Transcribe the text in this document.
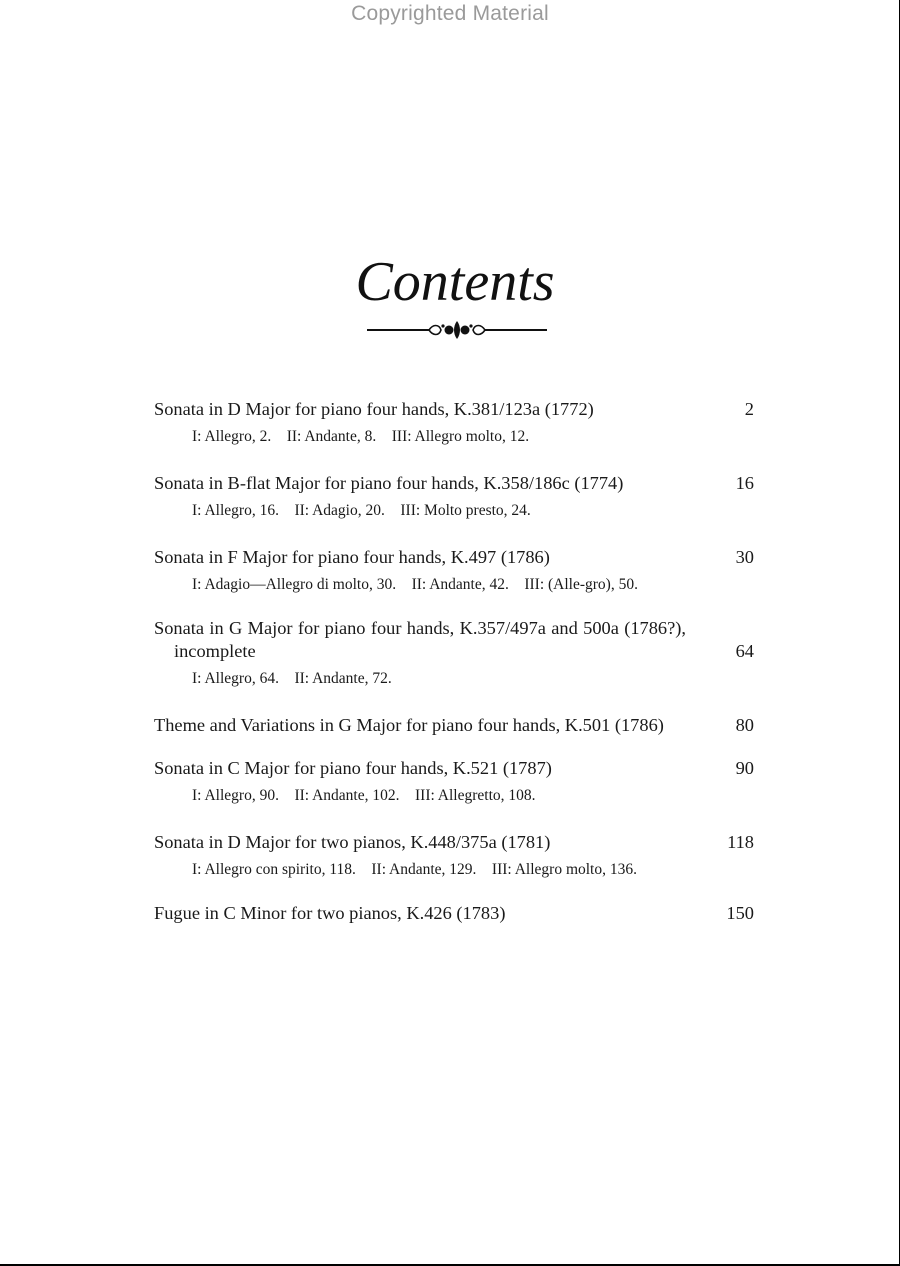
Copyrighted Material
Contents
Sonata in D Major for piano four hands, K.381/123a (1772)	2
I: Allegro, 2. II: Andante, 8. III: Allegro molto, 12.
Sonata in B-flat Major for piano four hands, K.358/186c (1774)	16
I: Allegro, 16. II: Adagio, 20. III: Molto presto, 24.
Sonata in F Major for piano four hands, K.497 (1786)	30
I: Adagio—Allegro di molto, 30. II: Andante, 42. III: (Alle-gro), 50.
Sonata in G Major for piano four hands, K.357/497a and 500a (1786?), incomplete	64
I: Allegro, 64. II: Andante, 72.
Theme and Variations in G Major for piano four hands, K.501 (1786)	80
Sonata in C Major for piano four hands, K.521 (1787)	90
I: Allegro, 90. II: Andante, 102. III: Allegretto, 108.
Sonata in D Major for two pianos, K.448/375a (1781)	118
I: Allegro con spirito, 118. II: Andante, 129. III: Allegro molto, 136.
Fugue in C Minor for two pianos, K.426 (1783)	150
